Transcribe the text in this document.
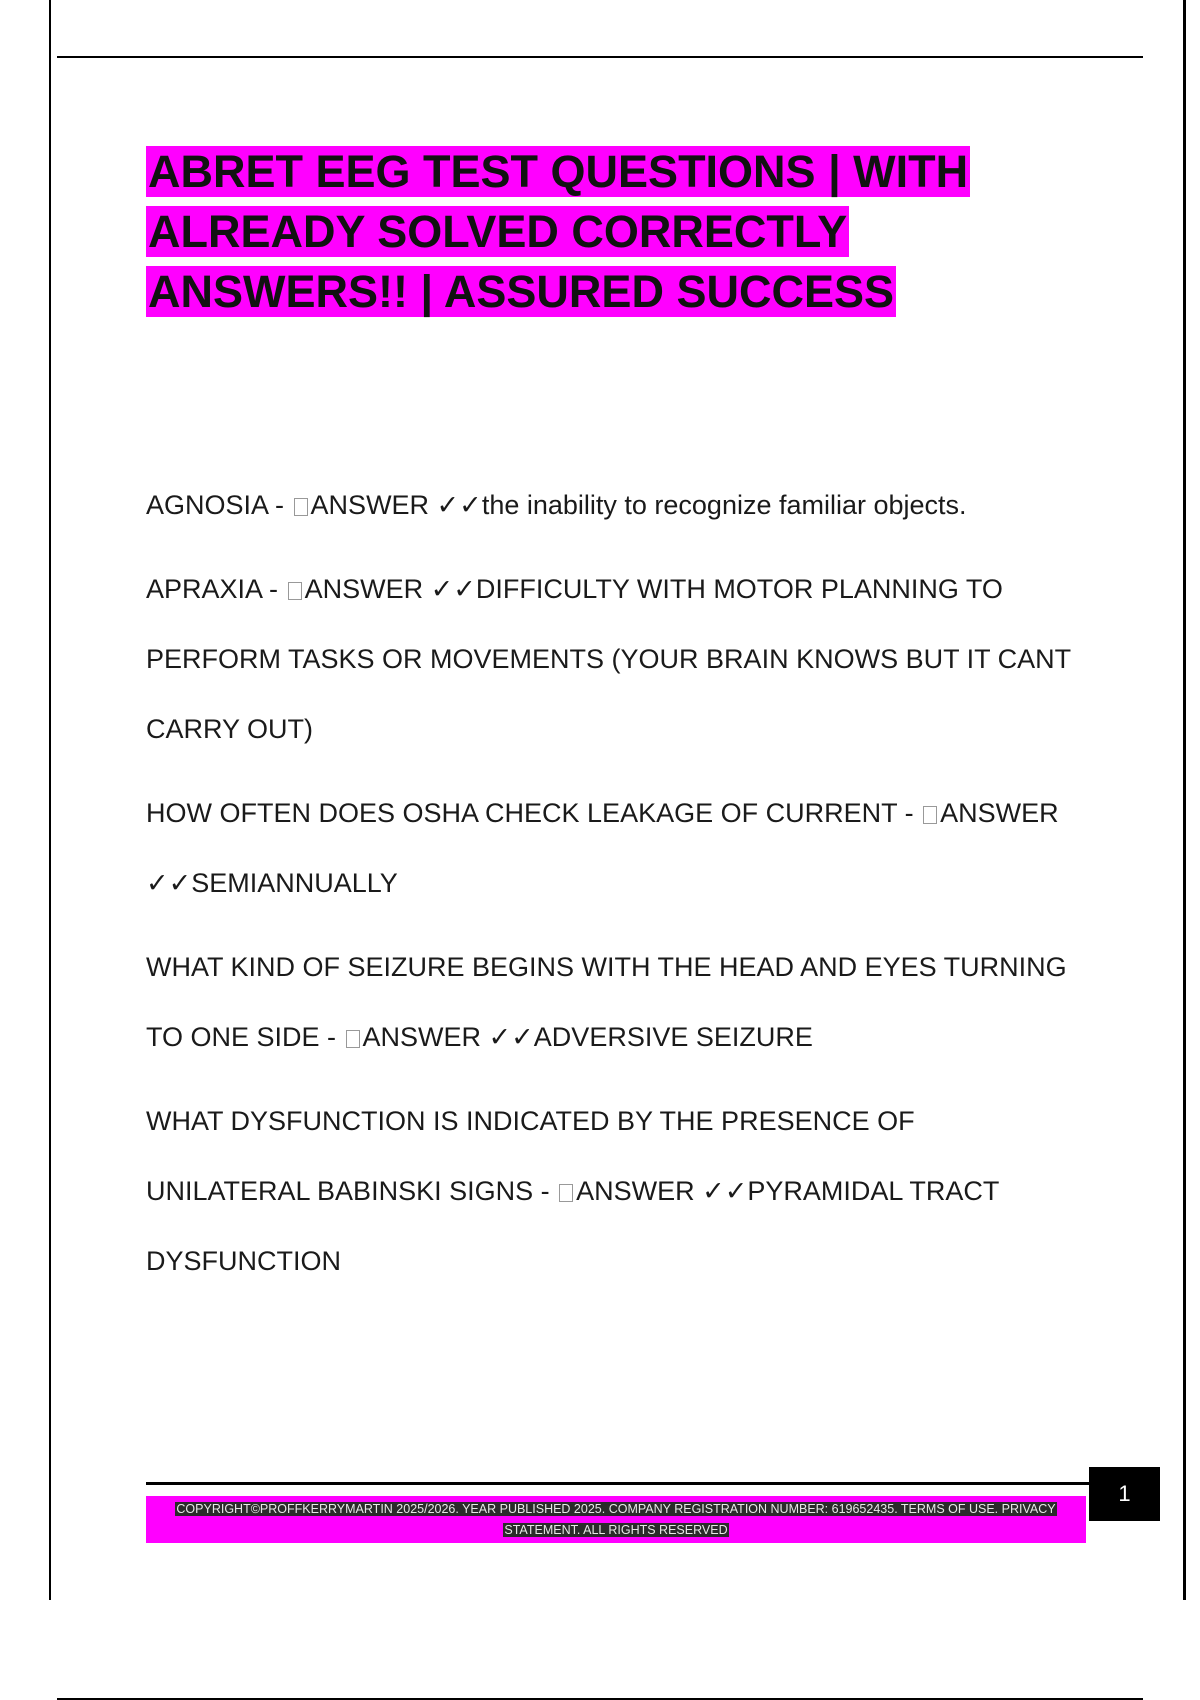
ABRET EEG TEST QUESTIONS | WITH ALREADY SOLVED CORRECTLY ANSWERS!! | ASSURED SUCCESS

AGNOSIA - ANSWER ✓✓the inability to recognize familiar objects.

APRAXIA - ANSWER ✓✓DIFFICULTY WITH MOTOR PLANNING TO PERFORM TASKS OR MOVEMENTS (YOUR BRAIN KNOWS BUT IT CANT CARRY OUT)

HOW OFTEN DOES OSHA CHECK LEAKAGE OF CURRENT - ANSWER ✓✓SEMIANNUALLY

WHAT KIND OF SEIZURE BEGINS WITH THE HEAD AND EYES TURNING TO ONE SIDE - ANSWER ✓✓ADVERSIVE SEIZURE

WHAT DYSFUNCTION IS INDICATED BY THE PRESENCE OF UNILATERAL BABINSKI SIGNS - ANSWER ✓✓PYRAMIDAL TRACT DYSFUNCTION

1
COPYRIGHT©PROFFKERRYMARTIN 2025/2026. YEAR PUBLISHED 2025. COMPANY REGISTRATION NUMBER: 619652435. TERMS OF USE. PRIVACY STATEMENT. ALL RIGHTS RESERVED
